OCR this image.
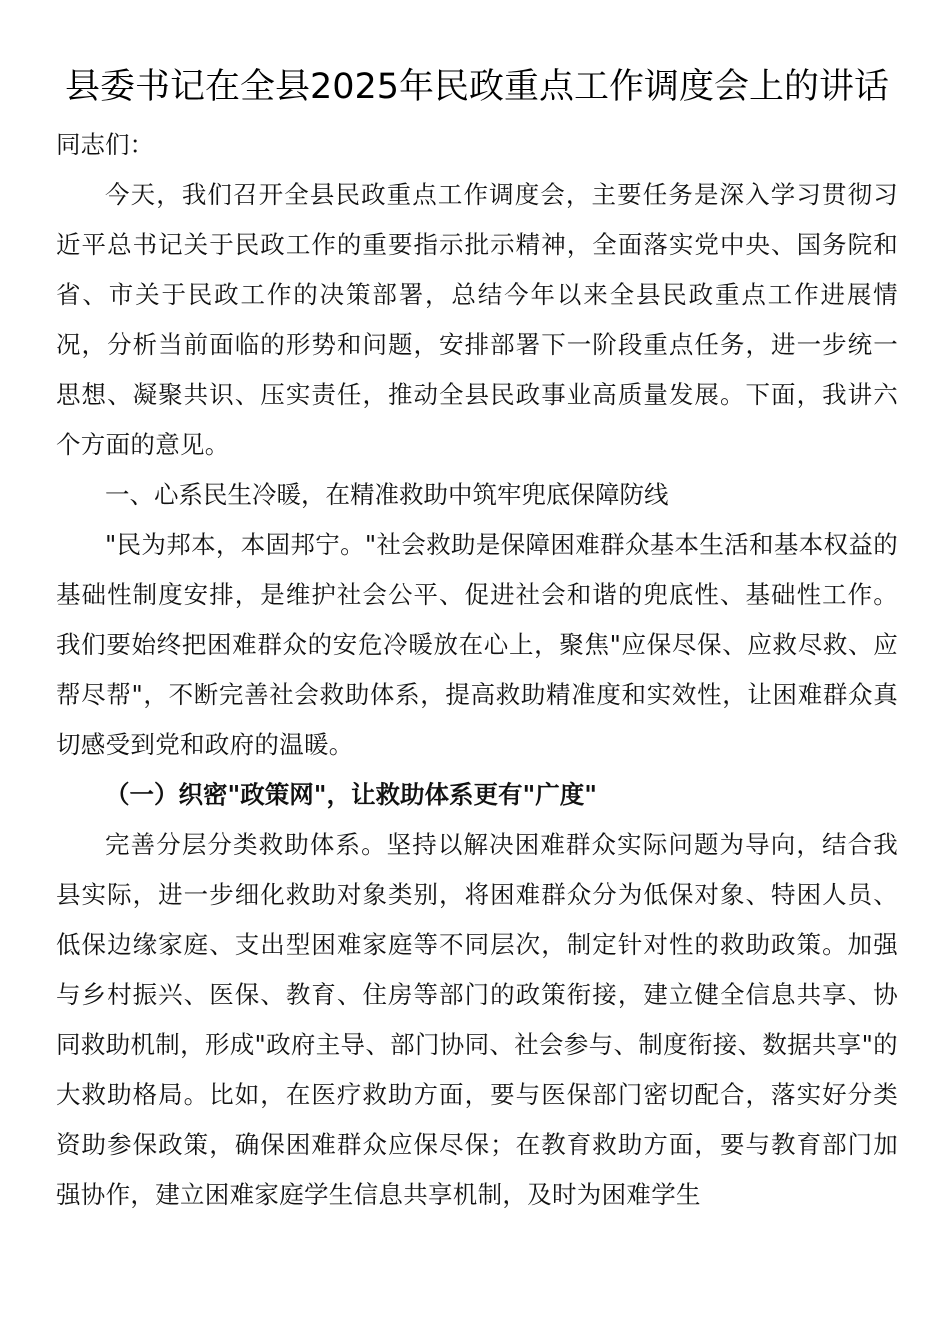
县委书记在全县2025年民政重点工作调度会上的讲话

同志们：

今天，我们召开全县民政重点工作调度会，主要任务是深入学习贯彻习近平总书记关于民政工作的重要指示批示精神，全面落实党中央、国务院和省、市关于民政工作的决策部署，总结今年以来全县民政重点工作进展情况，分析当前面临的形势和问题，安排部署下一阶段重点任务，进一步统一思想、凝聚共识、压实责任，推动全县民政事业高质量发展。下面，我讲六个方面的意见。

一、心系民生冷暖，在精准救助中筑牢兜底保障防线

"民为邦本，本固邦宁。"社会救助是保障困难群众基本生活和基本权益的基础性制度安排，是维护社会公平、促进社会和谐的兜底性、基础性工作。我们要始终把困难群众的安危冷暖放在心上，聚焦"应保尽保、应救尽救、应帮尽帮"，不断完善社会救助体系，提高救助精准度和实效性，让困难群众真切感受到党和政府的温暖。

（一）织密"政策网"，让救助体系更有"广度"

完善分层分类救助体系。坚持以解决困难群众实际问题为导向，结合我县实际，进一步细化救助对象类别，将困难群众分为低保对象、特困人员、低保边缘家庭、支出型困难家庭等不同层次，制定针对性的救助政策。加强与乡村振兴、医保、教育、住房等部门的政策衔接，建立健全信息共享、协同救助机制，形成"政府主导、部门协同、社会参与、制度衔接、数据共享"的大救助格局。比如，在医疗救助方面，要与医保部门密切配合，落实好分类资助参保政策，确保困难群众应保尽保；在教育救助方面，要与教育部门加强协作，建立困难家庭学生信息共享机制，及时为困难学生
